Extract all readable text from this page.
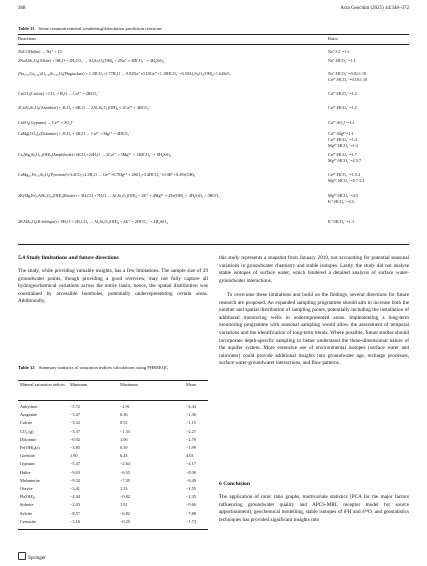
368	Acta Geochim (2025) 44:348–372
Table 11 Some common mineral weathering/dissolution prediction reactions
Reactions	Ratio
NaCl (Halite) → Na⁺ + Cl⁻	Na⁺:Cl⁻=1:1
2NaAlSi₃O₈(Albite) + 9H₂O + 2H₂CO₃ → Al₂Si₂O₅(OH)₄ + 2Na⁺ + 2HCO₃⁻ + 4H₄SiO₄	Na⁺:HCO₃⁻=1:1
(Na₀.₆₂Ca₀.₃₈)Al₁.₃₈Si₂.₆₂O₈(Plagioclase) + 1.18CO₂+1.77H₂O → 0.82Na⁺+0.18Ca²⁺+1.18HCO₃⁻+0.59Al₂Si₂O₅(OH)₄+1.64SiO₂	Na⁺:HCO₃⁻=0.82:1.18
Ca²⁺:HCO₃⁻=0.18:1.18
CaCO₃(Calcite) + CO₂ + H₂O → Ca²⁺ + 2HCO₃⁻	Ca²⁺:HCO₃⁻=1:2
2CaAl₂Si₂O₈(Anorthite) + 4CO₂ + 6H₂O → 2Al₂Si₂O₅(OH)₄ + 2Ca²⁺ + 4HCO₃⁻	Ca²⁺:HCO₃⁻=1:2
CaSO₄(Gypsum) → Ca²⁺ + SO₄²⁻	Ca²⁺:SO₄²⁻=1:1
CaMg(CO₃)₂(Dolomite) + 2CO₂ + 2H₂O → Ca²⁺ + Mg²⁺ + 4HCO₃⁻	Ca²⁺:Mg²⁺=1:1
Ca²⁺:HCO₃⁻=1:4
Mg²⁺:HCO₃⁻=1:4
Ca₂Mg₅Si₈O₂₂(OH)₂(Amphibole)+14CO₂+22H₂O → 2Ca²⁺ + 5Mg²⁺ + 14HCO₃⁻ + 8H₄SiO₄	Ca²⁺:HCO₃⁻=1:7
Mg²⁺:HCO₃⁻=2.5:7
CaMg₀.₇Fe₀.₃Si₂O₆(Pyroxene)+3.4CO₂+2.3H₂O → Ca²⁺+0.7Mg²⁺ + 2SiO₂+3.4HCO₃⁻+0.3H⁺+0.3Fe(OH)₃	Ca²⁺:HCO₃⁻=1:3.4
Mg²⁺:HCO₃⁻=0.7:3.4
2K(Mg,Fe)₃AlSi₃O₁₀(OH)₂(Biotite) + 3H₂CO₃+7H₂O → Al₂Si₂O₅(OH)₄ + 2K⁺ + 4Mg²⁺ + 2Fe(OH)₃ + 4H₄SiO₄ + 5HCO₃⁻	Mg²⁺:HCO₃⁻=4:5
K⁺:HCO₃⁻=2:5
2KAlSi₃O₈(K-feldspar) + 9H₂O + 2H₂CO₃ → Al₂Si₂O₅(OH)₄ + 2K⁺ + 2HCO₃⁻ + 4H₄SiO₄	K⁺:HCO₃⁻=1:1
5.4 Study limitations and future directions
The study, while providing valuable insights, has a few limitations. The sample size of 29 groundwater points, though providing a good overview, may not fully capture all hydrogeochemical variations across the entire basin; hence, the spatial distribution was constrained by accessible boreholes, potentially underrepresenting certain areas. Additionally,
Table 12 Summary statistics of saturation indices calculations using PHREEQC
Mineral saturation indices	Minimum	Maximum	Mean
Anhydrite	−5.72	−2.91	−4.44
Aragonite	−3.47	0.36	−1.30
Calcite	−3.32	0.51	−1.15
CO₂ (g)	−3.37	−1.33	−2.27
Dolomite	−6.92	1.06	−2.78
Fe(OH)₃(a)	−3.85	0.39	−1.99
Goethite	1.90	6.43	4.03
Gypsum	−5.47	−2.64	−4.17
Halite	−9.03	−6.55	−8.00
Melanterite	−9.32	−7.35	−8.49
Otavite	−3.41	1.23	−1.55
Pb(OH)₂	−4.44	−0.82	−2.45
Siderite	−2.03	1.01	−0.66
Sylvite	−8.57	−6.82	−7.88
Cerussite	−3.16	−0.25	−1.73
this study represents a snapshot from January 2019, not accounting for potential seasonal variations in groundwater chemistry and stable isotopes. Lastly, the study did not analyse stable isotopes of surface water, which hindered a detailed analysis of surface water-groundwater interactions.
To overcome these limitations and build on the findings, several directions for future research are proposed. An expanded sampling programme should aim to increase both the number and spatial distribution of sampling points, potentially including the installation of additional monitoring wells in underrepresented areas. Implementing a long-term monitoring programme with seasonal sampling would allow the assessment of temporal variations and the identification of long-term trends. Where possible, future studies should incorporate depth-specific sampling to better understand the three-dimensional nature of the aquifer system. More extensive use of environmental isotopes (surface water and rainwater) could provide additional insights into groundwater age, recharge processes, surface water-groundwater interactions, and flow patterns.
6 Conclusion
The application of ionic ratio graphs, multivariate statistics (PCA for the major factors influencing groundwater quality and APCS-MRL receptor model for source apportionment), geochemical modelling, stable isotopes of δ²H and δ¹⁸O, and geostatistics techniques has provided significant insights into
Springer
